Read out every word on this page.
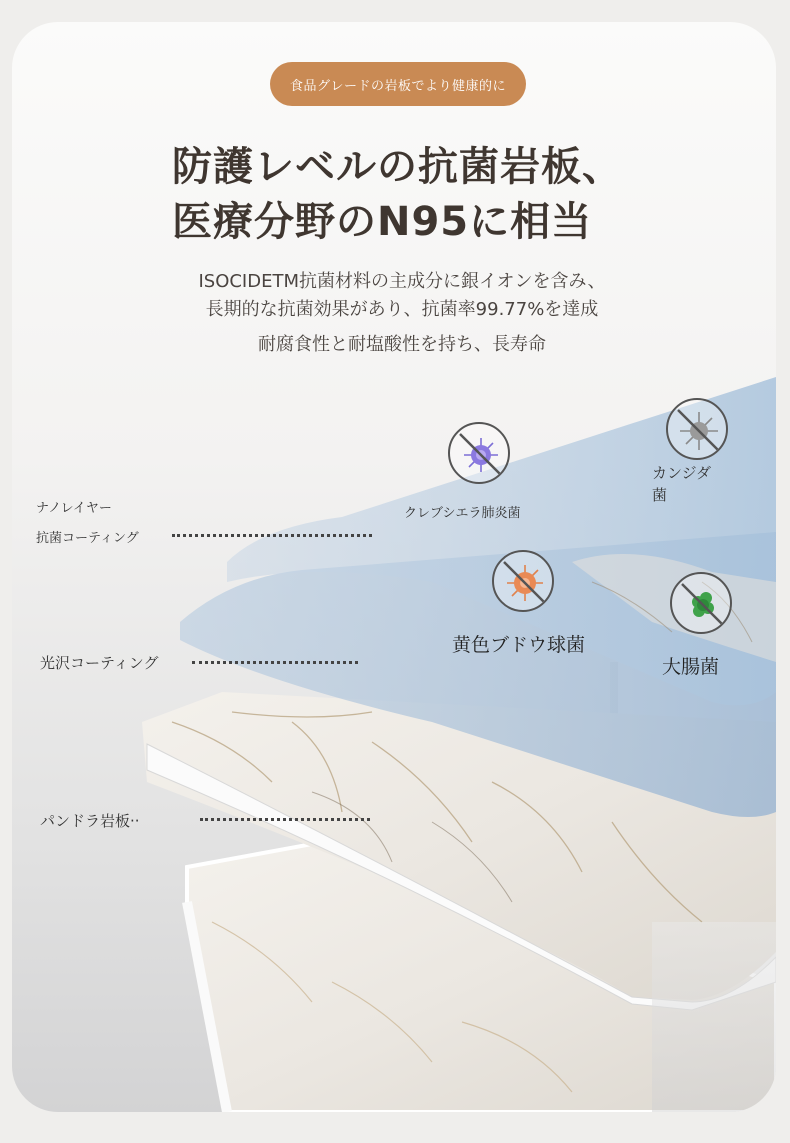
食品グレードの岩板でより健康的に
防護レベルの抗菌岩板、
医療分野のN95に相当
ISOCIDETM抗菌材料の主成分に銀イオンを含み、
長期的な抗菌効果があり、抗菌率99.77%を達成
耐腐食性と耐塩酸性を持ち、長寿命
ナノレイヤー
抗菌コーティング
光沢コーティング
パンドラ岩板··
クレブシエラ肺炎菌
カンジダ
菌
黄色ブドウ球菌
大腸菌
